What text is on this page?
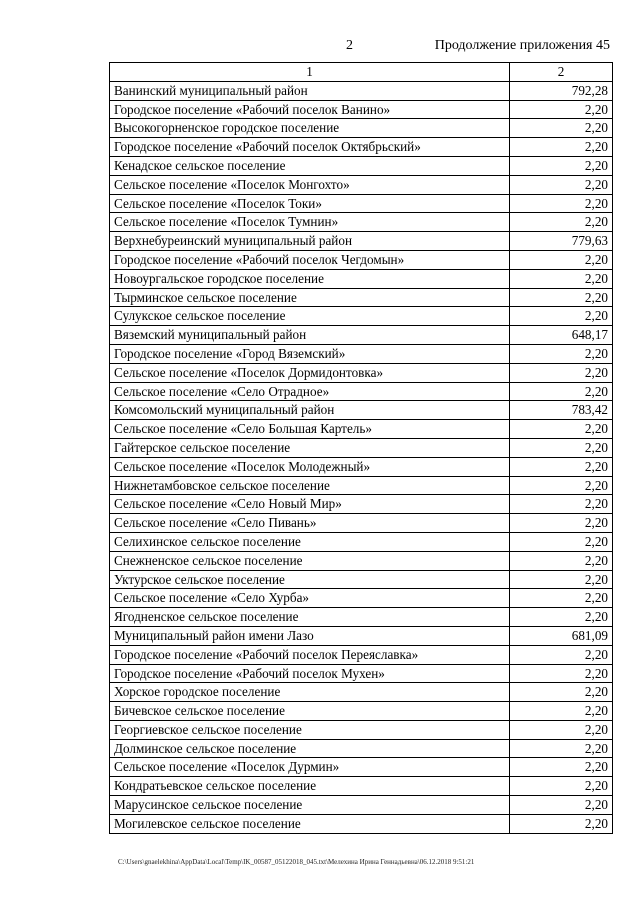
2	Продолжение приложения 45
1	2
Ванинский муниципальный район	792,28
Городское поселение «Рабочий поселок Ванино»	2,20
Высокогорненское городское поселение	2,20
Городское поселение «Рабочий поселок Октябрьский»	2,20
Кенадское сельское поселение	2,20
Сельское поселение «Поселок Монгохто»	2,20
Сельское поселение «Поселок Токи»	2,20
Сельское поселение «Поселок Тумнин»	2,20
Верхнебуреинский муниципальный район	779,63
Городское поселение «Рабочий поселок Чегдомын»	2,20
Новоургальское городское поселение	2,20
Тырминское сельское поселение	2,20
Сулукское сельское поселение	2,20
Вяземский муниципальный район	648,17
Городское поселение «Город Вяземский»	2,20
Сельское поселение «Поселок Дормидонтовка»	2,20
Сельское поселение «Село Отрадное»	2,20
Комсомольский муниципальный район	783,42
Сельское поселение «Село Большая Картель»	2,20
Гайтерское сельское поселение	2,20
Сельское поселение «Поселок Молодежный»	2,20
Нижнетамбовское сельское поселение	2,20
Сельское поселение «Село Новый Мир»	2,20
Сельское поселение «Село Пивань»	2,20
Селихинское сельское поселение	2,20
Снежненское сельское поселение	2,20
Уктурское сельское поселение	2,20
Сельское поселение «Село Хурба»	2,20
Ягодненское сельское поселение	2,20
Муниципальный район имени Лазо	681,09
Городское поселение «Рабочий поселок Переяславка»	2,20
Городское поселение «Рабочий поселок Мухен»	2,20
Хорское городское поселение	2,20
Бичевское сельское поселение	2,20
Георгиевское сельское поселение	2,20
Долминское сельское поселение	2,20
Сельское поселение «Поселок Дурмин»	2,20
Кондратьевское сельское поселение	2,20
Марусинское сельское поселение	2,20
Могилевское сельское поселение	2,20
C:\Users\gnaelekhina\AppData\Local\Temp\IK_00587_05122018_045.txt\Мелехина Ирина Геннадьевна\06.12.2018 9:51:21
